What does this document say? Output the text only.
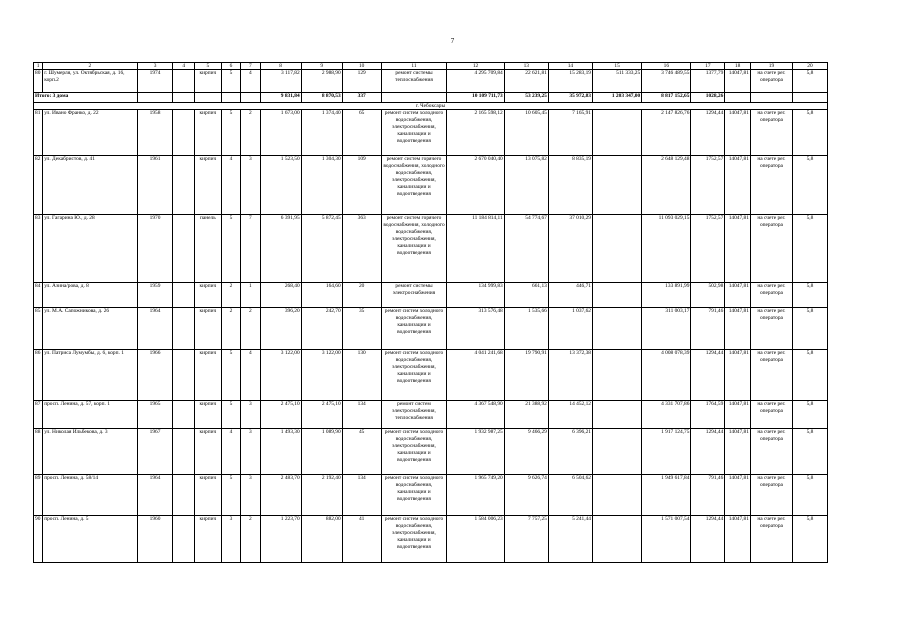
7
1	2	3	4	5	6	7	8	9	10	11	12	13	14	15	16	17	18	19	20
80	г. Шумерля, ул. Октябрьская, д. 16, корп.2	1974		кирпич	5	4	3 117,82	2 988,90	129	ремонт системы теплоснабжения	4 295 709,84	22 621,81	15 283,19	511 333,25	3 746 489,55	1377,79	14047,81	на счете рег. оператора	5,8
Итого: 3 дома							9 831,84	8 870,53	337		10 109 711,73	53 239,25	35 972,83	1 203 347,00	8 817 152,65	1028,26			
г. Чебоксары																			
81	ул. Ивано Франко, д. 22	1958		кирпич	5	2	1 673,00	1 374,40	65	ремонт систем холодного водоснабжения, электроснабжения, канализации и водоотведения	2 165 598,12	10 605,45	7 165,91		2 147 826,76	1294,44	14047,81	на счете рег. оператора	5,8
82	ул. Декабристов, д. 41	1961		кирпич	4	3	1 523,50	1 304,30	109	ремонт систем горячего водоснабжения, холодного водоснабжения, электроснабжения, канализации и водоотведения	2 670 040,40	13 075,82	8 835,19		2 648 129,48	1752,57	14047,81	на счете рег. оператора	5,8
83	ул. Гагарина Ю., д. 28	1970		панель	5	7	6 391,95	5 872,45	363	ремонт систем горячего водоснабжения, холодного водоснабжения, электроснабжения, канализации и водоотведения	11 184 814,11	54 774,67	37 010,29		11 093 029,15	1752,57	14047,81	на счете рег. оператора	5,8
84	ул. Азина/рова, д. 8	1959		кирпич	2	1	268,40	164,60	20	ремонт системы электроснабжения	134 999,83	661,13	446,71		133 891,99	502,98	14047,81	на счете рег. оператора	5,8
85	ул. М.А. Сапожникова, д. 26	1964		кирпич	2	2	396,20	242,70	35	ремонт систем холодного водоснабжения, канализации и водоотведения	313 576,48	1 535,66	1 037,62		311 003,17	791,46	14047,81	на счете рег. оператора	5,8
86	ул. Патриса Лумумбы, д. 6, корп. 1	1966		кирпич	5	4	3 122,00	3 122,00	130	ремонт систем холодного водоснабжения, электроснабжения, канализации и водоотведения	4 041 241,68	19 790,91	13 372,38		4 008 078,39	1294,44	14047,81	на счете рег. оператора	5,8
87	просп. Ленина, д. 57, корп. 1	1965		кирпич	5	3	2 475,10	2 475,10	134	ремонт систем электроснабжения, теплоснабжения	4 367 548,90	21 388,92	14 452,12		4 331 707,86	1764,59	14047,81	на счете рег. оператора	5,8
88	ул. Николая Ильбекова, д. 3	1967		кирпич	4	3	1 493,30	1 089,90	45	ремонт систем холодного водоснабжения, электроснабжения, канализации и водоотведения	1 932 987,25	9 466,29	6 396,21		1 917 124,75	1294,44	14047,81	на счете рег. оператора	5,8
89	просп. Ленина, д. 58/14	1964		кирпич	5	3	2 483,70	2 192,40	134	ремонт систем холодного водоснабжения, канализации и водоотведения	1 965 749,20	9 626,74	6 504,62		1 949 617,84	791,46	14047,81	на счете рег. оператора	5,8
90	просп. Ленина, д. 5	1960		кирпич	3	2	1 223,70	882,00	41	ремонт систем холодного водоснабжения, электроснабжения, канализации и водоотведения	1 584 006,23	7 757,25	5 241,44		1 571 007,54	1294,44	14047,81	на счете рег. оператора	5,8
